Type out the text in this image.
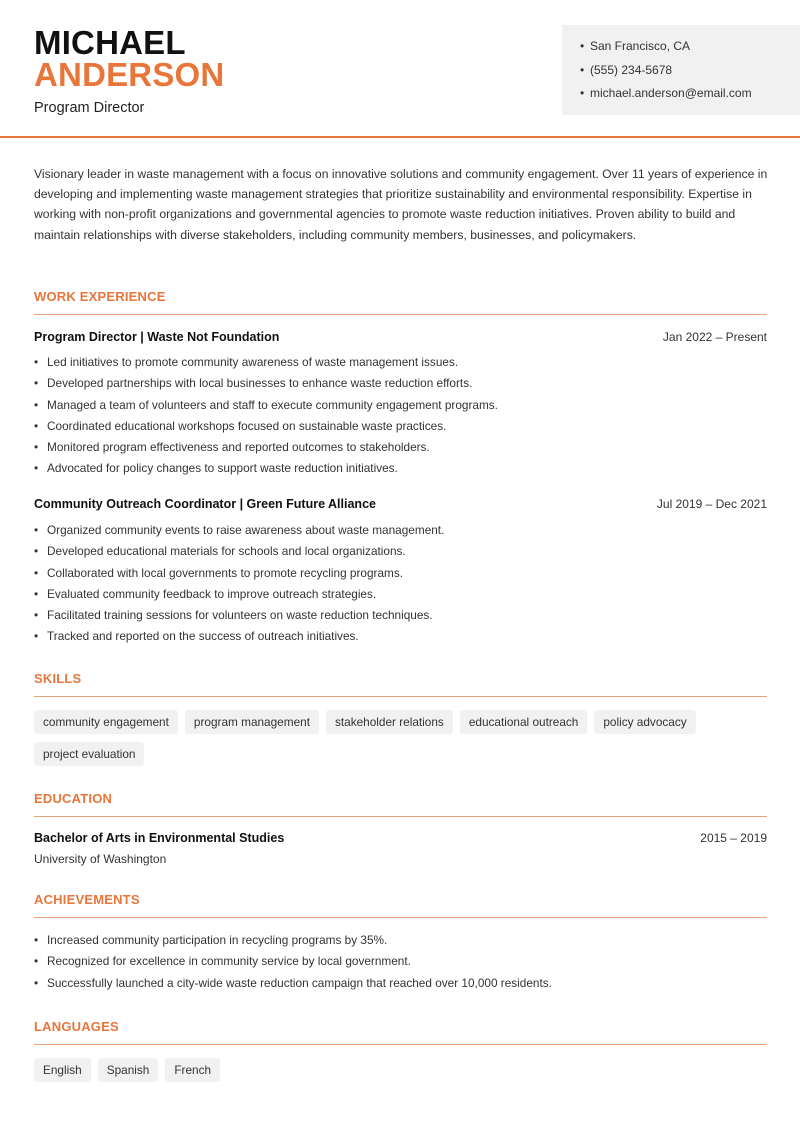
MICHAEL
ANDERSON
Program Director
• San Francisco, CA
• (555) 234-5678
• michael.anderson@email.com
Visionary leader in waste management with a focus on innovative solutions and community engagement. Over 11 years of experience in developing and implementing waste management strategies that prioritize sustainability and environmental responsibility. Expertise in working with non-profit organizations and governmental agencies to promote waste reduction initiatives. Proven ability to build and maintain relationships with diverse stakeholders, including community members, businesses, and policymakers.
WORK EXPERIENCE
Program Director | Waste Not Foundation	Jan 2022 – Present
• Led initiatives to promote community awareness of waste management issues.
• Developed partnerships with local businesses to enhance waste reduction efforts.
• Managed a team of volunteers and staff to execute community engagement programs.
• Coordinated educational workshops focused on sustainable waste practices.
• Monitored program effectiveness and reported outcomes to stakeholders.
• Advocated for policy changes to support waste reduction initiatives.
Community Outreach Coordinator | Green Future Alliance	Jul 2019 – Dec 2021
• Organized community events to raise awareness about waste management.
• Developed educational materials for schools and local organizations.
• Collaborated with local governments to promote recycling programs.
• Evaluated community feedback to improve outreach strategies.
• Facilitated training sessions for volunteers on waste reduction techniques.
• Tracked and reported on the success of outreach initiatives.
SKILLS
community engagement	program management	stakeholder relations	educational outreach	policy advocacy
project evaluation
EDUCATION
Bachelor of Arts in Environmental Studies	2015 – 2019
University of Washington
ACHIEVEMENTS
• Increased community participation in recycling programs by 35%.
• Recognized for excellence in community service by local government.
• Successfully launched a city-wide waste reduction campaign that reached over 10,000 residents.
LANGUAGES
English	Spanish	French
